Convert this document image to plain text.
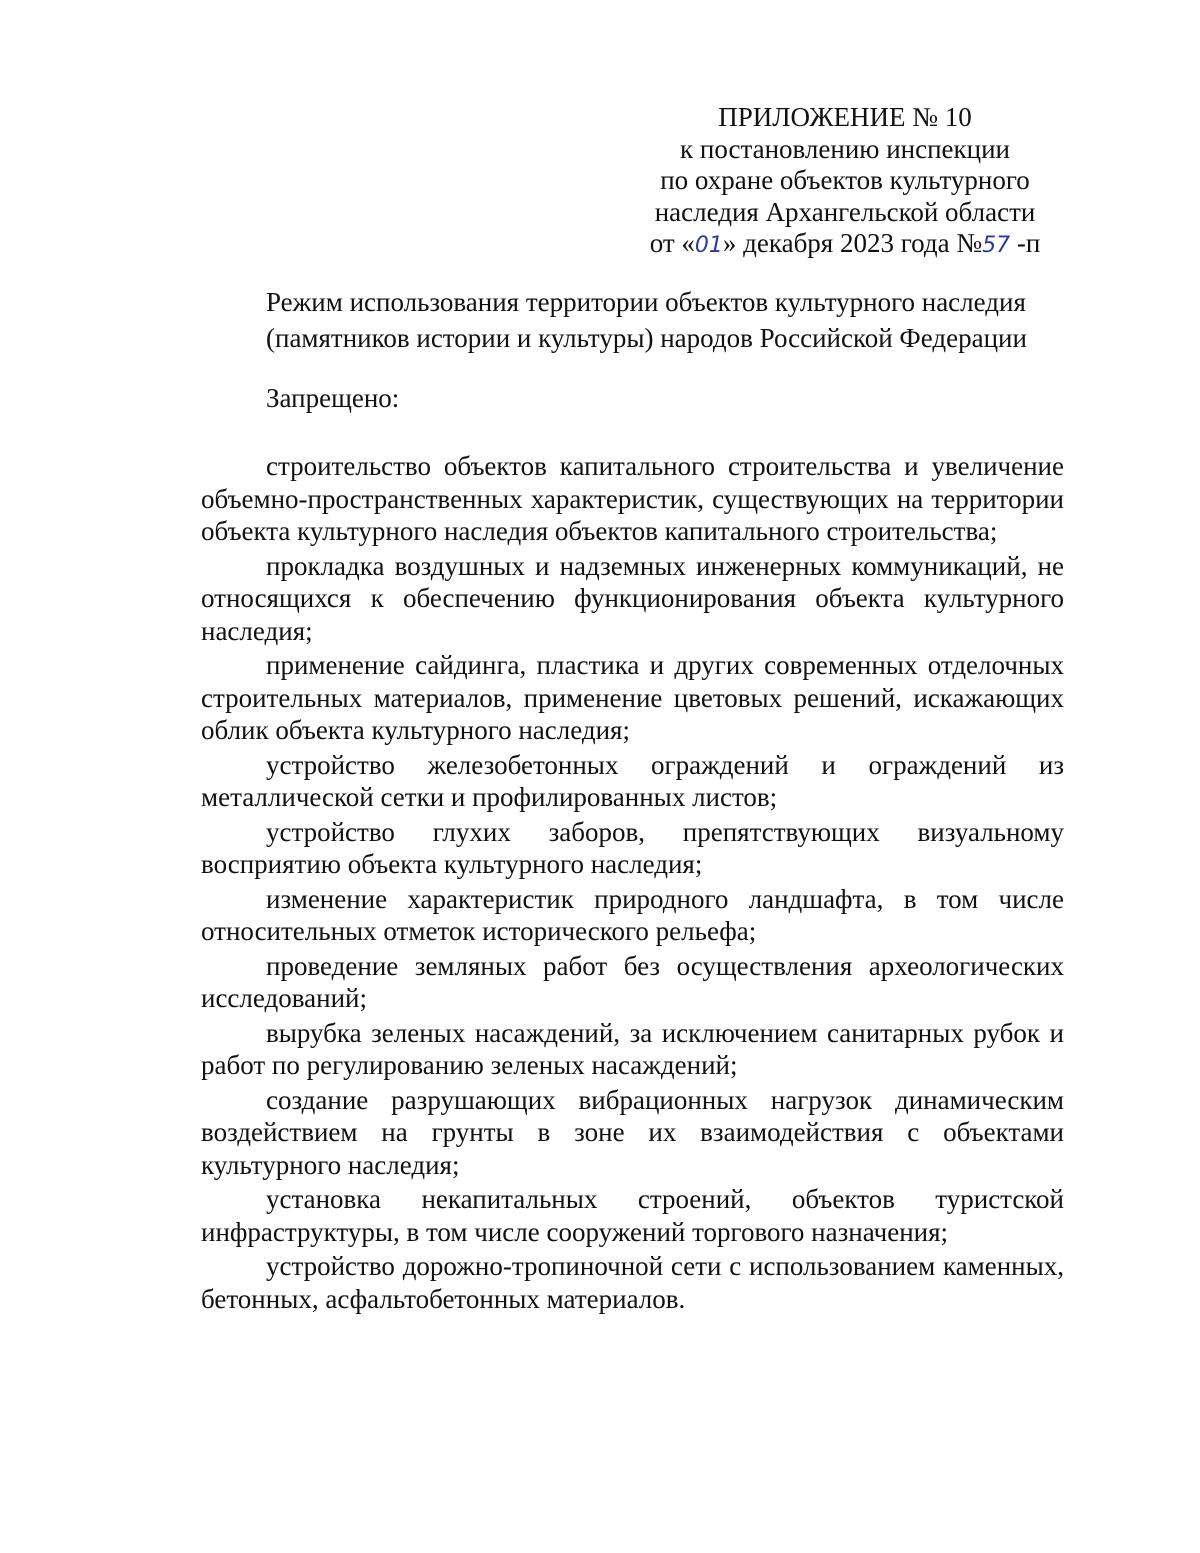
ПРИЛОЖЕНИЕ № 10
к постановлению инспекции
по охране объектов культурного
наследия Архангельской области
от «01» декабря 2023 года №57 -п
Режим использования территории объектов культурного наследия
(памятников истории и культуры) народов Российской Федерации
Запрещено:

строительство объектов капитального строительства и увеличение объемно-пространственных характеристик, существующих на территории объекта культурного наследия объектов капитального строительства;

прокладка воздушных и надземных инженерных коммуникаций, не относящихся к обеспечению функционирования объекта культурного наследия;

применение сайдинга, пластика и других современных отделочных строительных материалов, применение цветовых решений, искажающих облик объекта культурного наследия;

устройство железобетонных ограждений и ограждений из металлической сетки и профилированных листов;

устройство глухих заборов, препятствующих визуальному восприятию объекта культурного наследия;

изменение характеристик природного ландшафта, в том числе относительных отметок исторического рельефа;

проведение земляных работ без осуществления археологических исследований;

вырубка зеленых насаждений, за исключением санитарных рубок и работ по регулированию зеленых насаждений;

создание разрушающих вибрационных нагрузок динамическим воздействием на грунты в зоне их взаимодействия с объектами культурного наследия;

установка некапитальных строений, объектов туристской инфраструктуры, в том числе сооружений торгового назначения;

устройство дорожно-тропиночной сети с использованием каменных, бетонных, асфальтобетонных материалов.
